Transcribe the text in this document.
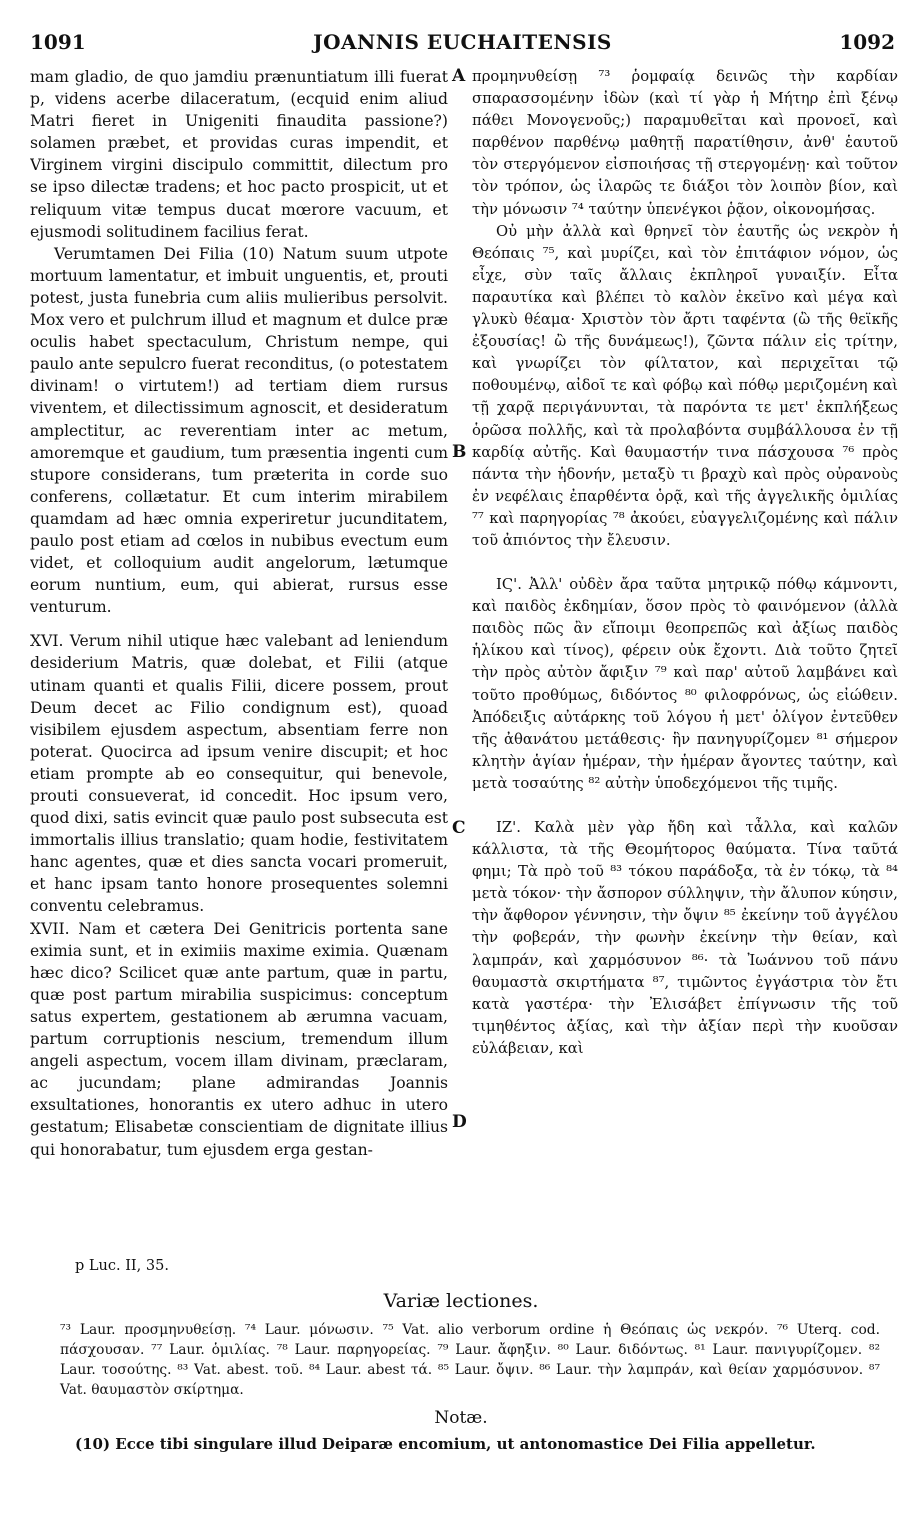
1091	JOANNIS EUCHAITENSIS	1092

mam gladio, de quo jamdiu prænuntiatum illi fuerat p, videns acerbe dilaceratum, (ecquid enim aliud Matri fieret in Unigeniti finaudita passione?) solamen præbet, et providas curas impendit, et Virginem virgini discipulo committit, dilectum pro se ipso dilectæ tradens; et hoc pacto prospicit, ut et reliquum vitæ tempus ducat mœrore vacuum, et ejusmodi solitudinem facilius ferat.

Verumtamen Dei Filia (10) Natum suum utpote mortuum lamentatur, et imbuit unguentis, et, prouti potest, justa funebria cum aliis mulieribus persolvit. Mox vero et pulchrum illud et magnum et dulce præ oculis habet spectaculum, Christum nempe, qui paulo ante sepulcro fuerat reconditus, (o potestatem divinam! o virtutem!) ad tertiam diem rursus viventem, et dilectissimum agnoscit, et desideratum amplectitur, ac reverentiam inter ac metum, amoremque et gaudium, tum præsentia ingenti cum stupore considerans, tum præterita in corde suo conferens, collætatur. Et cum interim mirabilem quamdam ad hæc omnia experiretur jucunditatem, paulo post etiam ad cœlos in nubibus evectum eum videt, et colloquium audit angelorum, lætumque eorum nuntium, eum, qui abierat, rursus esse venturum.

XVI. Verum nihil utique hæc valebant ad leniendum desiderium Matris, quæ dolebat, et Filii (atque utinam quanti et qualis Filii, dicere possem, prout Deum decet ac Filio condignum est), quoad visibilem ejusdem aspectum, absentiam ferre non poterat. Quocirca ad ipsum venire discupit; et hoc etiam prompte ab eo consequitur, qui benevole, prouti consueverat, id concedit. Hoc ipsum vero, quod dixi, satis evincit quæ paulo post subsecuta est immortalis illius translatio; quam hodie, festivitatem hanc agentes, quæ et dies sancta vocari promeruit, et hanc ipsam tanto honore prosequentes solemni conventu celebramus.

XVII. Nam et cætera Dei Genitricis portenta sane eximia sunt, et in eximiis maxime eximia. Quænam hæc dico? Scilicet quæ ante partum, quæ in partu, quæ post partum mirabilia suspicimus: conceptum satus expertem, gestationem ab ærumna vacuam, partum corruptionis nescium, tremendum illum angeli aspectum, vocem illam divinam, præclaram, ac jucundam; plane admirandas Joannis exsultationes, honorantis ex utero adhuc in utero gestatum; Elisabetæ conscientiam de dignitate illius qui honorabatur, tum ejusdem erga gestan-

A
B
C
D

προμηνυθείσῃ ⁷³ ῥομφαίᾳ δεινῶς τὴν καρδίαν σπαρασσομένην ἰδὼν (καὶ τί γὰρ ἡ Μήτηρ ἐπὶ ξένῳ πάθει Μονογενοῦς;) παραμυθεῖται καὶ προνοεῖ, καὶ παρθένον παρθένῳ μαθητῇ παρατίθησιν, ἀνθ' ἑαυτοῦ τὸν στεργόμενον εἰσποιήσας τῇ στεργομένῃ· καὶ τοῦτον τὸν τρόπον, ὡς ἱλαρῶς τε διάξοι τὸν λοιπὸν βίον, καὶ τὴν μόνωσιν ⁷⁴ ταύτην ὑπενέγκοι ῥᾷον, οἰκονομήσας.

Οὐ μὴν ἀλλὰ καὶ θρηνεῖ τὸν ἑαυτῆς ὡς νεκρὸν ἡ Θεόπαις ⁷⁵, καὶ μυρίζει, καὶ τὸν ἐπιτάφιον νόμον, ὡς εἶχε, σὺν ταῖς ἄλλαις ἐκπληροῖ γυναιξίν. Εἶτα παραυτίκα καὶ βλέπει τὸ καλὸν ἐκεῖνο καὶ μέγα καὶ γλυκὺ θέαμα· Χριστὸν τὸν ἄρτι ταφέντα (ὢ τῆς θεϊκῆς ἐξουσίας! ὢ τῆς δυνάμεως!), ζῶντα πάλιν εἰς τρίτην, καὶ γνωρίζει τὸν φίλτατον, καὶ περιχεῖται τῷ ποθουμένῳ, αἰδοῖ τε καὶ φόβῳ καὶ πόθῳ μεριζομένη καὶ τῇ χαρᾷ περιγάνυνται, τὰ παρόντα τε μετ' ἐκπλήξεως ὁρῶσα πολλῆς, καὶ τὰ προλαβόντα συμβάλλουσα ἐν τῇ καρδίᾳ αὐτῆς. Καὶ θαυμαστήν τινα πάσχουσα ⁷⁶ πρὸς πάντα τὴν ἡδονήν, μεταξὺ τι βραχὺ καὶ πρὸς οὐρανοὺς ἐν νεφέλαις ἐπαρθέντα ὁρᾷ, καὶ τῆς ἀγγελικῆς ὁμιλίας ⁷⁷ καὶ παρηγορίας ⁷⁸ ἀκούει, εὐαγγελιζομένης καὶ πάλιν τοῦ ἀπιόντος τὴν ἔλευσιν.

ΙϚ'. Ἀλλ' οὐδὲν ἄρα ταῦτα μητρικῷ πόθῳ κάμνοντι, καὶ παιδὸς ἐκδημίαν, ὅσον πρὸς τὸ φαινόμενον (ἀλλὰ παιδὸς πῶς ἂν εἴποιμι θεοπρεπῶς καὶ ἀξίως παιδὸς ἡλίκου καὶ τίνος), φέρειν οὐκ ἔχοντι. Διὰ τοῦτο ζητεῖ τὴν πρὸς αὐτὸν ἄφιξιν ⁷⁹ καὶ παρ' αὐτοῦ λαμβάνει καὶ τοῦτο προθύμως, διδόντος ⁸⁰ φιλοφρόνως, ὡς εἰώθειν. Ἀπόδειξις αὐτάρκης τοῦ λόγου ἡ μετ' ὀλίγον ἐντεῦθεν τῆς ἀθανάτου μετάθεσις· ἣν πανηγυρίζομεν ⁸¹ σήμερον κλητὴν ἁγίαν ἡμέραν, τὴν ἡμέραν ἄγοντες ταύτην, καὶ μετὰ τοσαύτης ⁸² αὐτὴν ὑποδεχόμενοι τῆς τιμῆς.

ΙΖ'. Καλὰ μὲν γὰρ ἤδη καὶ τἆλλα, καὶ καλῶν κάλλιστα, τὰ τῆς Θεομήτορος θαύματα. Τίνα ταῦτά φημι; Τὰ πρὸ τοῦ ⁸³ τόκου παράδοξα, τὰ ἐν τόκῳ, τὰ ⁸⁴ μετὰ τόκον· τὴν ἄσπορον σύλληψιν, τὴν ἄλυπον κύησιν, τὴν ἄφθορον γέννησιν, τὴν ὄψιν ⁸⁵ ἐκείνην τοῦ ἀγγέλου τὴν φοβεράν, τὴν φωνὴν ἐκείνην τὴν θείαν, καὶ λαμπράν, καὶ χαρμόσυνον ⁸⁶· τὰ Ἰωάννου τοῦ πάνυ θαυμαστὰ σκιρτήματα ⁸⁷, τιμῶντος ἐγγάστρια τὸν ἔτι κατὰ γαστέρα· τὴν Ἐλισάβετ ἐπίγνωσιν τῆς τοῦ τιμηθέντος ἀξίας, καὶ τὴν ἀξίαν περὶ τὴν κυοῦσαν εὐλάβειαν, καὶ

p Luc. II, 35.
Variæ lectiones.

⁷³ Laur. προσμηνυθείσῃ. ⁷⁴ Laur. μόνωσιν. ⁷⁵ Vat. alio verborum ordine ἡ Θεόπαις ὡς νεκρόν. ⁷⁶ Uterq. cod. πάσχουσαν. ⁷⁷ Laur. ὁμιλίας. ⁷⁸ Laur. παρηγορείας. ⁷⁹ Laur. ἄφηξιν. ⁸⁰ Laur. διδόντως. ⁸¹ Laur. πανιγυρίζομεν. ⁸² Laur. τοσούτης. ⁸³ Vat. abest. τοῦ. ⁸⁴ Laur. abest τά. ⁸⁵ Laur. ὄψιν. ⁸⁶ Laur. τὴν λαμπράν, καὶ θείαν χαρμόσυνον. ⁸⁷ Vat. θαυμαστὸν σκίρτημα.

Notæ.
(10) Ecce tibi singulare illud Deiparæ encomium, ut antonomastice Dei Filia appelletur.
